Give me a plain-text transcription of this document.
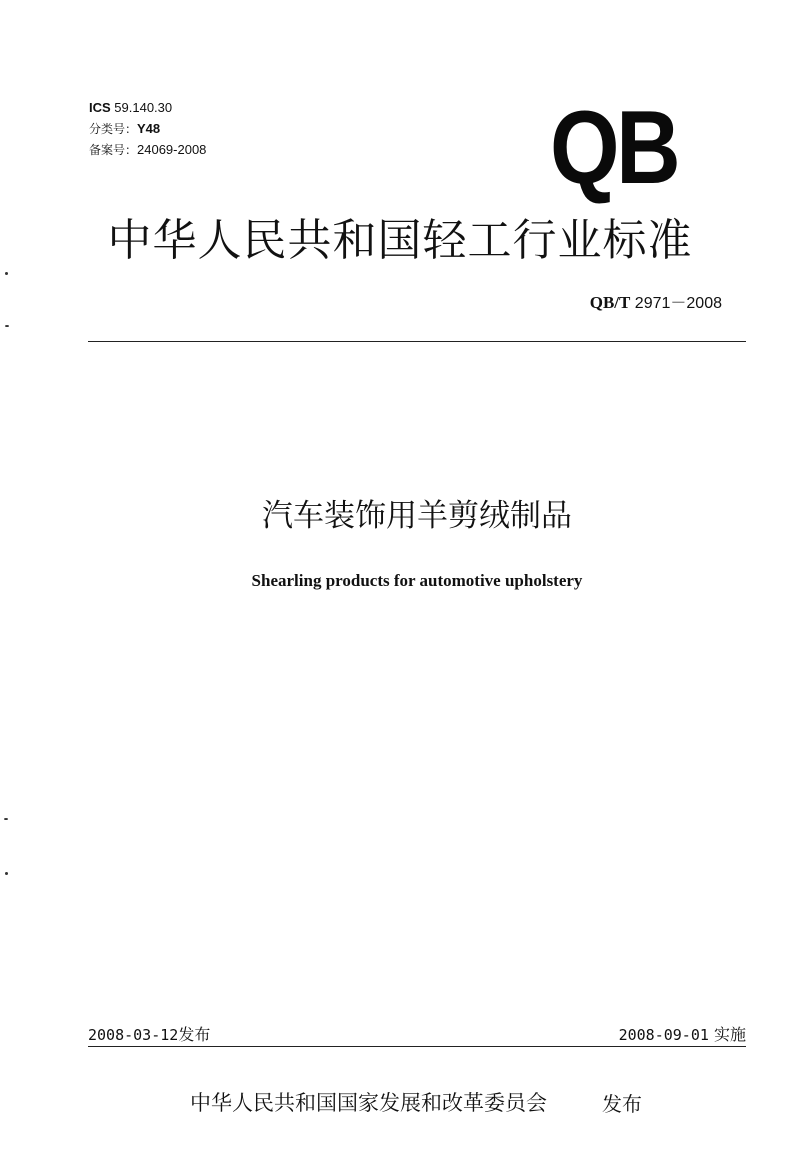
ICS 59.140.30
分类号：Y48
备案号：24069-2008	QB
中华人民共和国轻工行业标准
QB/T 2971－2008
汽车装饰用羊剪绒制品
Shearling products for automotive upholstery
2008-03-12发布	2008-09-01 实施
中华人民共和国国家发展和改革委员会	发布
